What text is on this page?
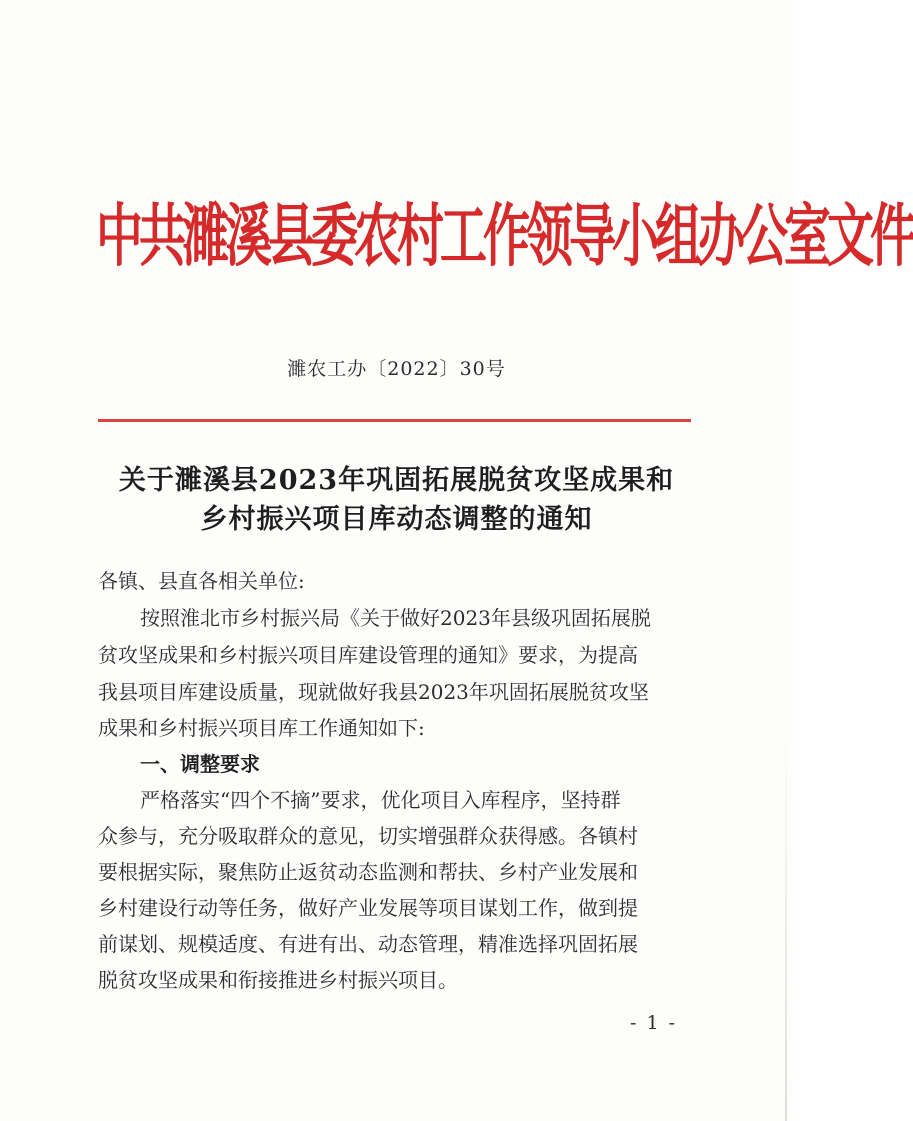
中共濉溪县委农村工作领导小组办公室文件
濉农工办〔2022〕30号
关于濉溪县2023年巩固拓展脱贫攻坚成果和
乡村振兴项目库动态调整的通知
各镇、县直各相关单位:
按照淮北市乡村振兴局《关于做好2023年县级巩固拓展脱
贫攻坚成果和乡村振兴项目库建设管理的通知》要求，为提高
我县项目库建设质量，现就做好我县2023年巩固拓展脱贫攻坚
成果和乡村振兴项目库工作通知如下:
一、调整要求
严格落实“四个不摘”要求，优化项目入库程序，坚持群
众参与，充分吸取群众的意见，切实增强群众获得感。各镇村
要根据实际，聚焦防止返贫动态监测和帮扶、乡村产业发展和
乡村建设行动等任务，做好产业发展等项目谋划工作，做到提
前谋划、规模适度、有进有出、动态管理，精准选择巩固拓展
脱贫攻坚成果和衔接推进乡村振兴项目。
- 1 -
